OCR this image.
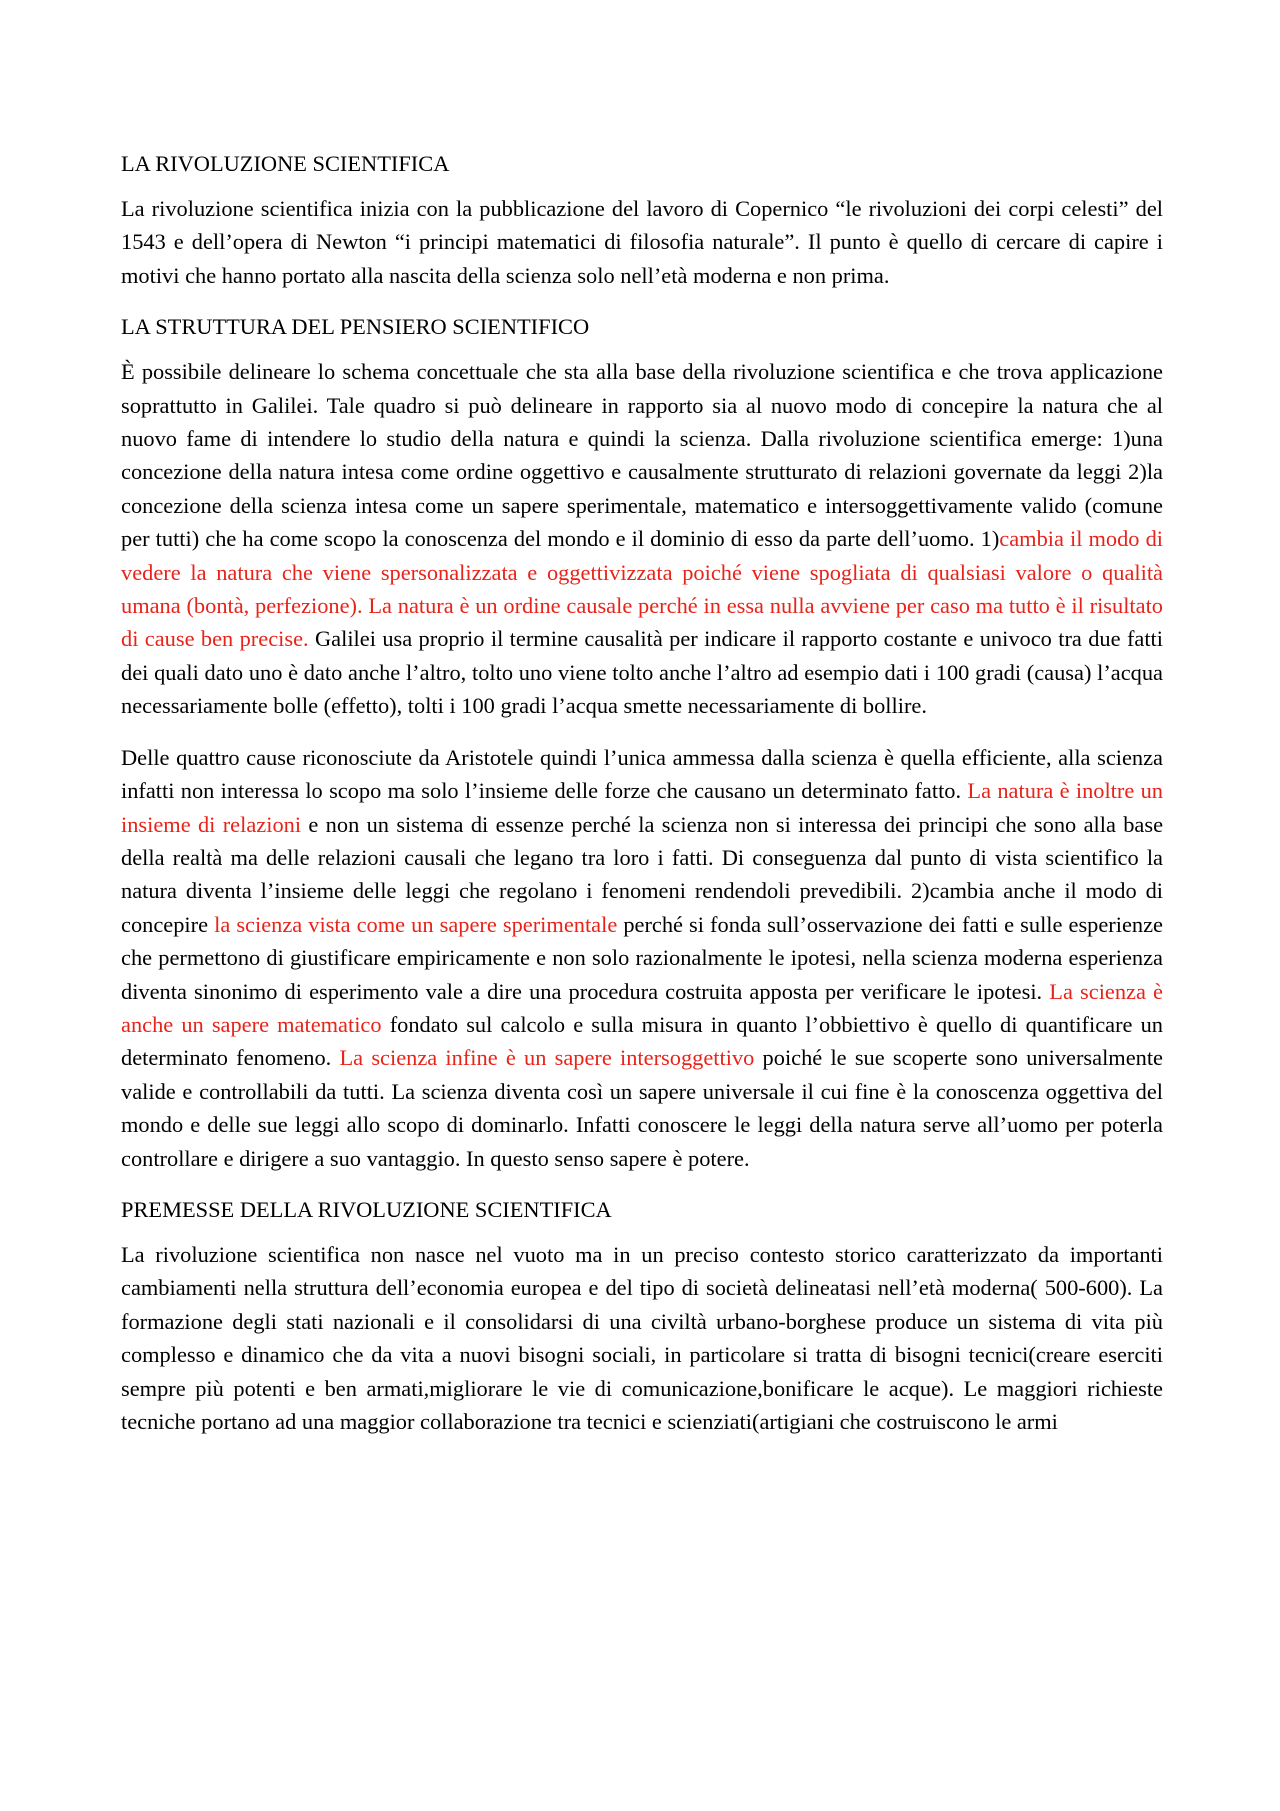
LA RIVOLUZIONE SCIENTIFICA

La rivoluzione scientifica inizia con la pubblicazione del lavoro di Copernico “le rivoluzioni dei corpi celesti” del 1543 e dell’opera di Newton “i principi matematici di filosofia naturale”. Il punto è quello di cercare di capire i motivi che hanno portato alla nascita della scienza solo nell’età moderna e non prima.

LA STRUTTURA DEL PENSIERO SCIENTIFICO

È possibile delineare lo schema concettuale che sta alla base della rivoluzione scientifica e che trova applicazione soprattutto in Galilei. Tale quadro si può delineare in rapporto sia al nuovo modo di concepire la natura che al nuovo fame di intendere lo studio della natura e quindi la scienza. Dalla rivoluzione scientifica emerge: 1)una concezione della natura intesa come ordine oggettivo e causalmente strutturato di relazioni governate da leggi 2)la concezione della scienza intesa come un sapere sperimentale, matematico e intersoggettivamente valido (comune per tutti) che ha come scopo la conoscenza del mondo e il dominio di esso da parte dell’uomo. 1)cambia il modo di vedere la natura che viene spersonalizzata e oggettivizzata poiché viene spogliata di qualsiasi valore o qualità umana (bontà, perfezione). La natura è un ordine causale perché in essa nulla avviene per caso ma tutto è il risultato di cause ben precise. Galilei usa proprio il termine causalità per indicare il rapporto costante e univoco tra due fatti dei quali dato uno è dato anche l’altro, tolto uno viene tolto anche l’altro ad esempio dati i 100 gradi (causa) l’acqua necessariamente bolle (effetto), tolti i 100 gradi l’acqua smette necessariamente di bollire.

Delle quattro cause riconosciute da Aristotele quindi l’unica ammessa dalla scienza è quella efficiente, alla scienza infatti non interessa lo scopo ma solo l’insieme delle forze che causano un determinato fatto. La natura è inoltre un insieme di relazioni e non un sistema di essenze perché la scienza non si interessa dei principi che sono alla base della realtà ma delle relazioni causali che legano tra loro i fatti. Di conseguenza dal punto di vista scientifico la natura diventa l’insieme delle leggi che regolano i fenomeni rendendoli prevedibili. 2)cambia anche il modo di concepire la scienza vista come un sapere sperimentale perché si fonda sull’osservazione dei fatti e sulle esperienze che permettono di giustificare empiricamente e non solo razionalmente le ipotesi, nella scienza moderna esperienza diventa sinonimo di esperimento vale a dire una procedura costruita apposta per verificare le ipotesi. La scienza è anche un sapere matematico fondato sul calcolo e sulla misura in quanto l’obbiettivo è quello di quantificare un determinato fenomeno. La scienza infine è un sapere intersoggettivo poiché le sue scoperte sono universalmente valide e controllabili da tutti. La scienza diventa così un sapere universale il cui fine è la conoscenza oggettiva del mondo e delle sue leggi allo scopo di dominarlo. Infatti conoscere le leggi della natura serve all’uomo per poterla controllare e dirigere a suo vantaggio. In questo senso sapere è potere.

PREMESSE DELLA RIVOLUZIONE SCIENTIFICA

La rivoluzione scientifica non nasce nel vuoto ma in un preciso contesto storico caratterizzato da importanti cambiamenti nella struttura dell’economia europea e del tipo di società delineatasi nell’età moderna( 500-600). La formazione degli stati nazionali e il consolidarsi di una civiltà urbano-borghese produce un sistema di vita più complesso e dinamico che da vita a nuovi bisogni sociali, in particolare si tratta di bisogni tecnici(creare eserciti sempre più potenti e ben armati,migliorare le vie di comunicazione,bonificare le acque). Le maggiori richieste tecniche portano ad una maggior collaborazione tra tecnici e scienziati(artigiani che costruiscono le armi
